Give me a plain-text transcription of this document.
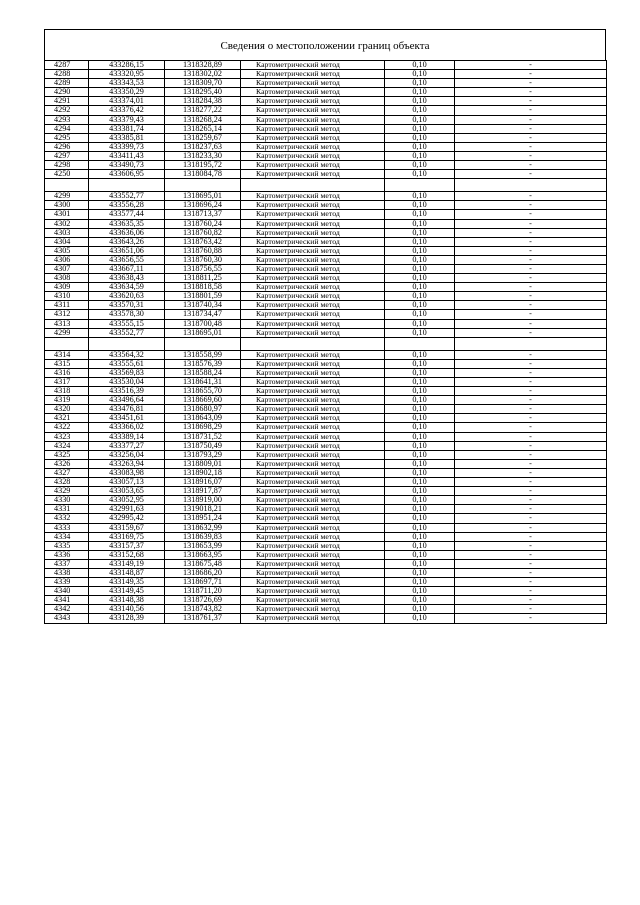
Сведения о местоположении границ объекта
4287	433286,15	1318328,89	Картометрический метод	0,10	-
4288	433320,95	1318302,02	Картометрический метод	0,10	-
4289	433343,53	1318309,70	Картометрический метод	0,10	-
4290	433350,29	1318295,40	Картометрический метод	0,10	-
4291	433374,01	1318284,38	Картометрический метод	0,10	-
4292	433376,42	1318277,22	Картометрический метод	0,10	-
4293	433379,43	1318268,24	Картометрический метод	0,10	-
4294	433381,74	1318265,14	Картометрический метод	0,10	-
4295	433385,81	1318259,67	Картометрический метод	0,10	-
4296	433399,73	1318237,63	Картометрический метод	0,10	-
4297	433411,43	1318233,30	Картометрический метод	0,10	-
4298	433490,73	1318195,72	Картометрический метод	0,10	-
4250	433606,95	1318084,78	Картометрический метод	0,10	-

4299	433552,77	1318695,01	Картометрический метод	0,10	-
4300	433556,28	1318696,24	Картометрический метод	0,10	-
4301	433577,44	1318713,37	Картометрический метод	0,10	-
4302	433635,35	1318760,24	Картометрический метод	0,10	-
4303	433636,06	1318760,82	Картометрический метод	0,10	-
4304	433643,26	1318763,42	Картометрический метод	0,10	-
4305	433651,06	1318760,88	Картометрический метод	0,10	-
4306	433656,55	1318760,30	Картометрический метод	0,10	-
4307	433667,11	1318756,55	Картометрический метод	0,10	-
4308	433638,43	1318811,25	Картометрический метод	0,10	-
4309	433634,59	1318818,58	Картометрический метод	0,10	-
4310	433620,63	1318801,59	Картометрический метод	0,10	-
4311	433570,31	1318740,34	Картометрический метод	0,10	-
4312	433578,30	1318734,47	Картометрический метод	0,10	-
4313	433555,15	1318700,48	Картометрический метод	0,10	-
4299	433552,77	1318695,01	Картометрический метод	0,10	-

4314	433564,32	1318558,99	Картометрический метод	0,10	-
4315	433555,61	1318576,39	Картометрический метод	0,10	-
4316	433569,83	1318588,24	Картометрический метод	0,10	-
4317	433530,04	1318641,31	Картометрический метод	0,10	-
4318	433516,39	1318655,70	Картометрический метод	0,10	-
4319	433496,64	1318669,60	Картометрический метод	0,10	-
4320	433476,81	1318680,97	Картометрический метод	0,10	-
4321	433451,61	1318643,09	Картометрический метод	0,10	-
4322	433366,02	1318698,29	Картометрический метод	0,10	-
4323	433389,14	1318731,52	Картометрический метод	0,10	-
4324	433377,27	1318750,49	Картометрический метод	0,10	-
4325	433256,04	1318793,29	Картометрический метод	0,10	-
4326	433263,94	1318809,01	Картометрический метод	0,10	-
4327	433083,98	1318902,18	Картометрический метод	0,10	-
4328	433057,13	1318916,07	Картометрический метод	0,10	-
4329	433053,65	1318917,87	Картометрический метод	0,10	-
4330	433052,95	1318919,00	Картометрический метод	0,10	-
4331	432991,63	1319018,21	Картометрический метод	0,10	-
4332	432995,42	1318951,24	Картометрический метод	0,10	-
4333	433159,67	1318632,99	Картометрический метод	0,10	-
4334	433169,75	1318639,83	Картометрический метод	0,10	-
4335	433157,37	1318653,99	Картометрический метод	0,10	-
4336	433152,68	1318663,95	Картометрический метод	0,10	-
4337	433149,19	1318675,48	Картометрический метод	0,10	-
4338	433148,87	1318686,20	Картометрический метод	0,10	-
4339	433149,35	1318697,71	Картометрический метод	0,10	-
4340	433149,45	1318711,20	Картометрический метод	0,10	-
4341	433148,38	1318726,69	Картометрический метод	0,10	-
4342	433140,56	1318743,82	Картометрический метод	0,10	-
4343	433128,39	1318761,37	Картометрический метод	0,10	-
